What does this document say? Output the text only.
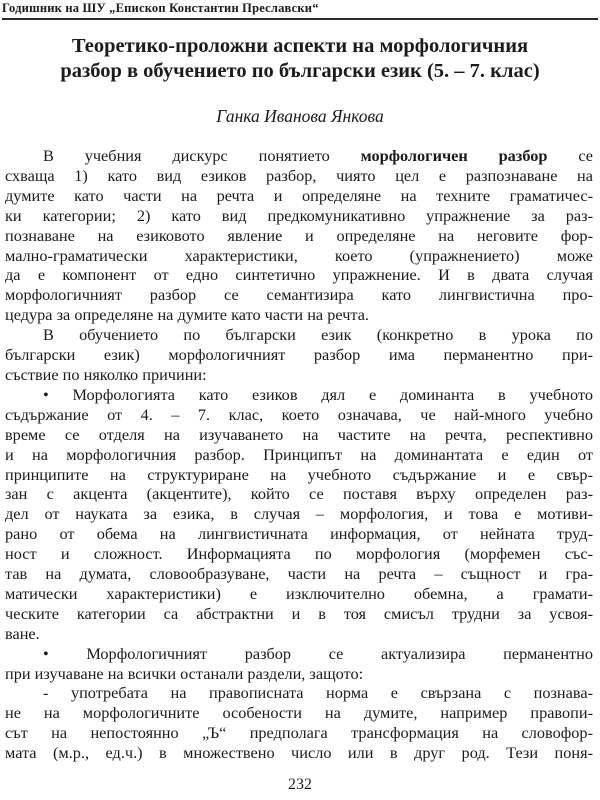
Годишник на ШУ „Епископ Константин Преславски“
Теоретико-проложни аспекти на морфологичния
разбор в обучението по български език (5. – 7. клас)
Ганка Иванова Янкова
В учебния дискурс понятието морфологичен разбор се
схваща 1) като вид езиков разбор, чиято цел е разпознаване на
думите като части на речта и определяне на техните граматичес-
ки категории; 2) като вид предкомуникативно упражнение за раз-
познаване на езиковото явление и определяне на неговите фор-
мално-граматически характеристики, което (упражнението) може
да е компонент от едно синтетично упражнение. И в двата случая
морфологичният разбор се семантизира като лингвистична про-
цедура за определяне на думите като части на речта.
В обучението по български език (конкретно в урока по
български език) морфологичният разбор има перманентно при-
съствие по няколко причини:
• Морфологията като езиков дял е доминанта в учебното
съдържание от 4. – 7. клас, което означава, че най-много учебно
време се отделя на изучаването на частите на речта, респективно
и на морфологичния разбор. Принципът на доминантата е един от
принципите на структуриране на учебното съдържание и е свър-
зан с акцента (акцентите), който се поставя върху определен раз-
дел от науката за езика, в случая – морфология, и това е мотиви-
рано от обема на лингвистичната информация, от нейната труд-
ност и сложност. Информацията по морфология (морфемен със-
тав на думата, словообразуване, части на речта – същност и гра-
матически характеристики) е изключително обемна, а грамати-
ческите категории са абстрактни и в тоя смисъл трудни за усвоя-
ване.
• Морфологичният разбор се актуализира перманентно
при изучаване на всички останали раздели, защото:
- употребата на правописната норма е свързана с познава-
не на морфологичните особености на думите, например правопи-
сът на непостоянно „Ъ“ предполага трансформация на словофор-
мата (м.р., ед.ч.) в множествено число или в друг род. Тези поня-
232
